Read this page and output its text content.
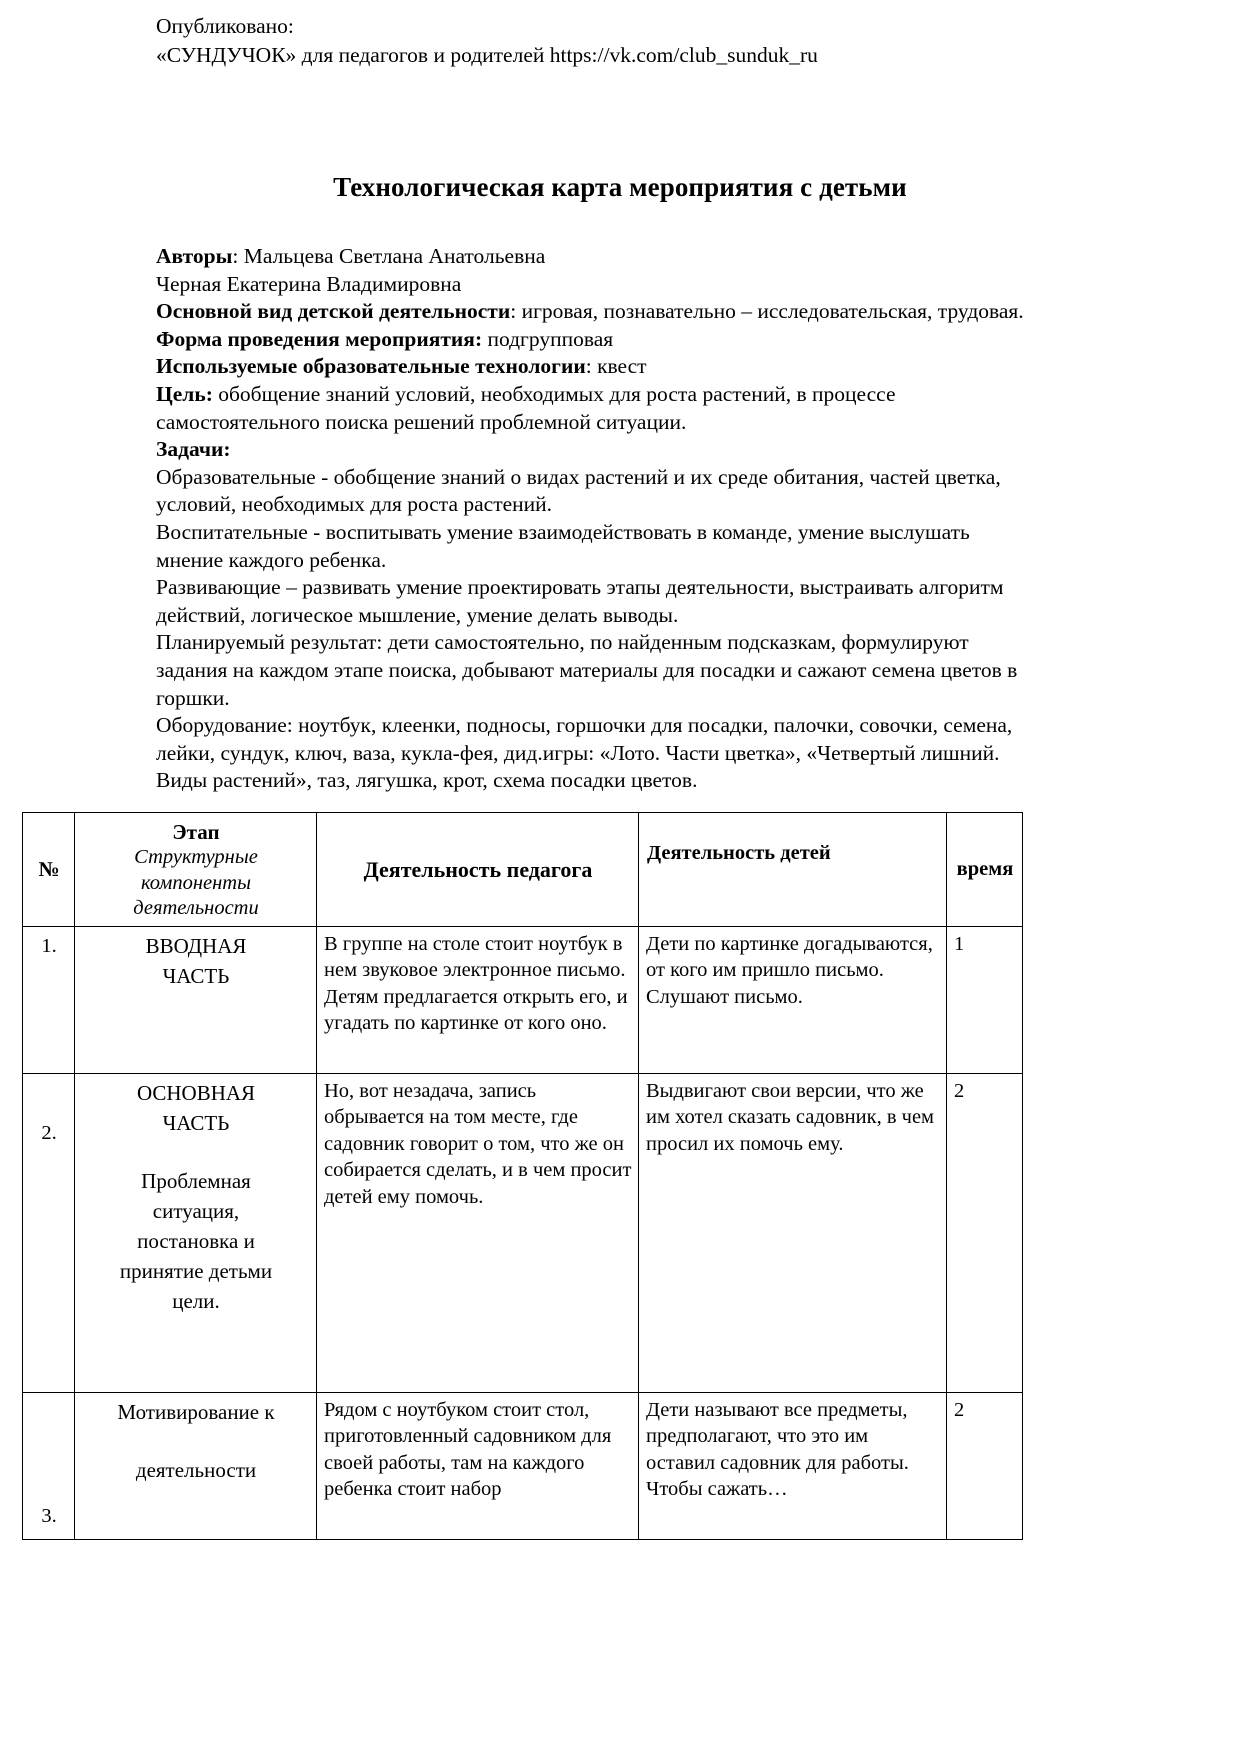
Опубликовано:
«СУНДУЧОК» для педагогов и родителей https://vk.com/club_sunduk_ru
Технологическая карта мероприятия с детьми

Авторы: Мальцева Светлана Анатольевна

Черная Екатерина Владимировна

Основной вид детской деятельности: игровая, познавательно – исследовательская, трудовая.

Форма проведения мероприятия: подгрупповая

Используемые образовательные технологии: квест

Цель: обобщение знаний условий, необходимых для роста растений, в процессе самостоятельного поиска решений проблемной ситуации.

Задачи:

Образовательные - обобщение знаний о видах растений и их среде обитания, частей цветка, условий, необходимых для роста растений.

Воспитательные - воспитывать умение взаимодействовать в команде, умение выслушать мнение каждого ребенка.

Развивающие – развивать умение проектировать этапы деятельности, выстраивать алгоритм действий, логическое мышление, умение делать выводы.

Планируемый результат: дети самостоятельно, по найденным подсказкам, формулируют задания на каждом этапе поиска, добывают материалы для посадки и сажают семена цветов в горшки.

Оборудование: ноутбук, клеенки, подносы, горшочки для посадки, палочки, совочки, семена, лейки, сундук, ключ, ваза, кукла-фея, дид.игры: «Лото. Части цветка», «Четвертый лишний. Виды растений», таз, лягушка, крот, схема посадки цветов.

№	Этап
Структурные
компоненты
деятельности	Деятельность педагога	Деятельность детей	время
1.	ВВОДНАЯ
ЧАСТЬ	В группе на столе стоит ноутбук в нем звуковое электронное письмо. Детям предлагается открыть его, и угадать по картинке от кого оно.	Дети по картинке догадываются, от кого им пришло письмо. Слушают письмо.	1
2.	
ОСНОВНАЯ
ЧАСТЬ
Проблемная
ситуация,
постановка и
принятие детьми
цели.
	Но, вот незадача, запись обрывается на том месте, где садовник говорит о том, что же он собирается сделать, и в чем просит детей ему помочь.	Выдвигают свои версии, что же им хотел сказать садовник, в чем просил их помочь ему.	2
3.	Мотивирование к
деятельности	Рядом с ноутбуком стоит стол, приготовленный садовником для своей работы, там на каждого ребенка стоит набор	Дети называют все предметы, предполагают, что это им оставил садовник для работы. Чтобы сажать…	2
